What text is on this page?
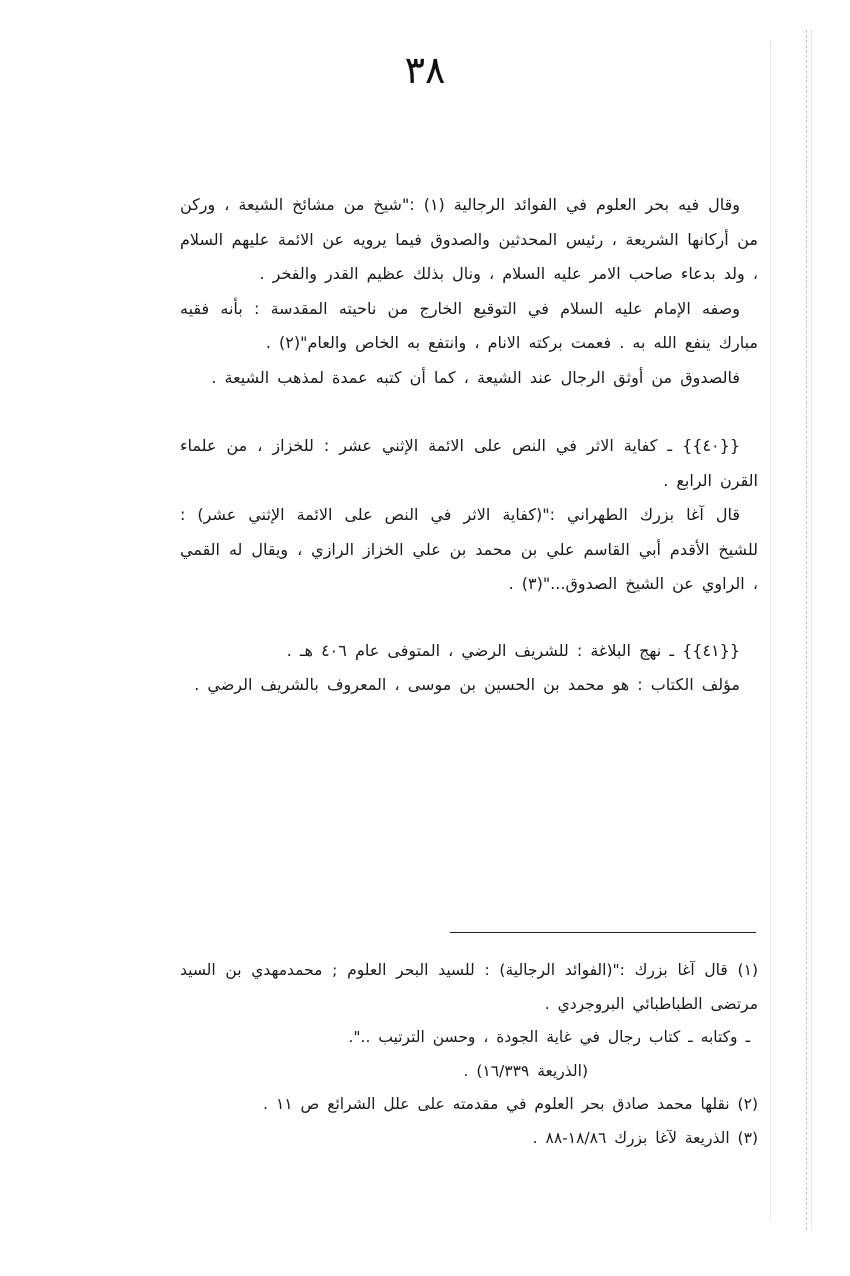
٣٨

وقال فيه بحر العلوم في الفوائد الرجالية (١) :"شيخ من مشائخ الشيعة ، وركن من أركانها الشريعة ، رئيس المحدثين والصدوق فيما يرويه عن الائمة عليهم السلام ، ولد بدعاء صاحب الامر عليه السلام ، ونال بذلك عظيم القدر والفخر .

وصفه الإمام عليه السلام في التوقيع الخارج من ناحيته المقدسة : بأنه فقيه مبارك ينفع الله به . فعمت بركته الانام ، وانتفع به الخاص والعام"(٢) .

فالصدوق من أوثق الرجال عند الشيعة ، كما أن كتبه عمدة لمذهب الشيعة .

{{٤٠}} ـ كفاية الاثر في النص على الائمة الإثني عشر : للخزاز ، من علماء القرن الرابع .

قال آغا بزرك الطهراني :"(كفاية الاثر في النص على الائمة الإثني عشر) : للشيخ الأقدم أبي القاسم علي بن محمد بن علي الخزاز الرازي ، ويقال له القمي ، الراوي عن الشيخ الصدوق..."(٣) .

{{٤١}} ـ نهج البلاغة : للشريف الرضي ، المتوفى عام ٤٠٦ هـ .

مؤلف الكتاب : هو محمد بن الحسين بن موسى ، المعروف بالشريف الرضي .

(١) قال آغا بزرك :"(الفوائد الرجالية) : للسيد البحر العلوم ; محمدمهدي بن السيد مرتضى الطباطبائي البروجردي .

ـ وكتابه ـ كتاب رجال في غاية الجودة ، وحسن الترتيب ..".

(الذريعة ١٦/٣٣٩) .

(٢) نقلها محمد صادق بحر العلوم في مقدمته على علل الشرائع ص ١١ .

(٣) الذريعة لآغا بزرك ١٨/٨٦-٨٨ .
